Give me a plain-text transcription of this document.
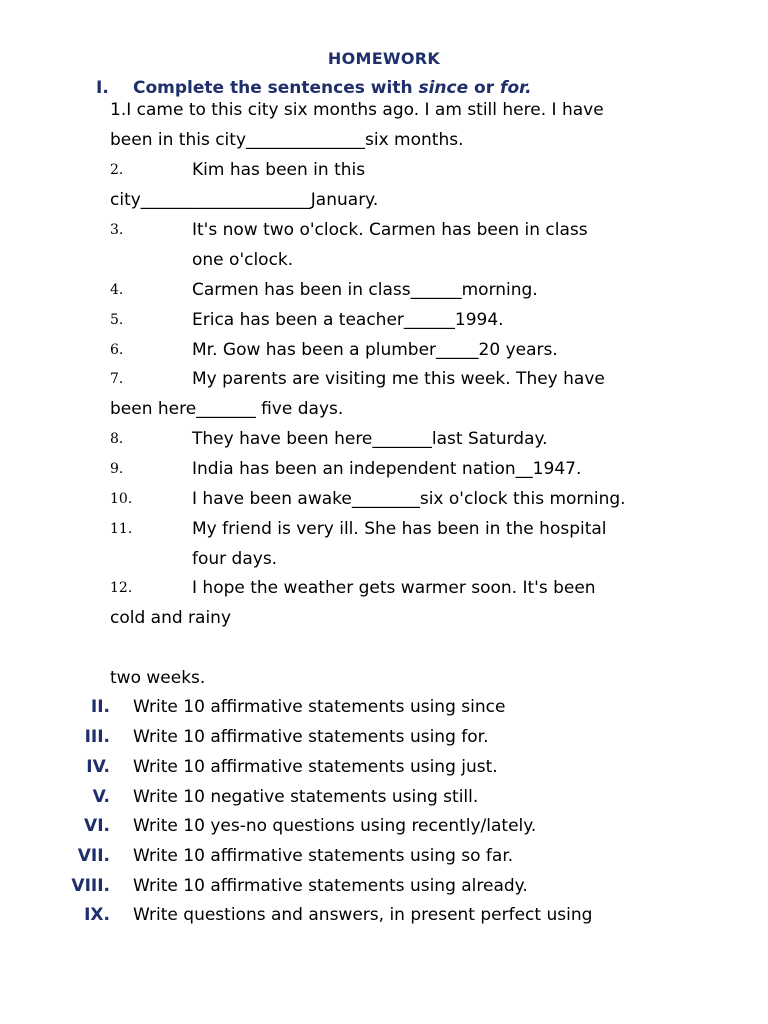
HOMEWORK
I. Complete the sentences with since or for.
1.I came to this city six months ago. I am still here. I have
been in this city______________six months.
2.	Kim has been in this
city____________________January.
3.	It's now two o'clock. Carmen has been in class
one o'clock.
4.	Carmen has been in class______morning.
5.	Erica has been a teacher______1994.
6.	Mr. Gow has been a plumber_____20 years.
7.	My parents are visiting me this week. They have
been here_______ five days.
8.	They have been here_______last Saturday.
9.	India has been an independent nation__1947.
10.	I have been awake________six o'clock this morning.
11.	My friend is very ill. She has been in the hospital
four days.
12.	I hope the weather gets warmer soon. It's been
cold and rainy
two weeks.
II. Write 10 affirmative statements using since
III. Write 10 affirmative statements using for.
IV. Write 10 affirmative statements using just.
V. Write 10 negative statements using still.
VI. Write 10 yes-no questions using recently/lately.
VII. Write 10 affirmative statements using so far.
VIII. Write 10 affirmative statements using already.
IX. Write questions and answers, in present perfect using
